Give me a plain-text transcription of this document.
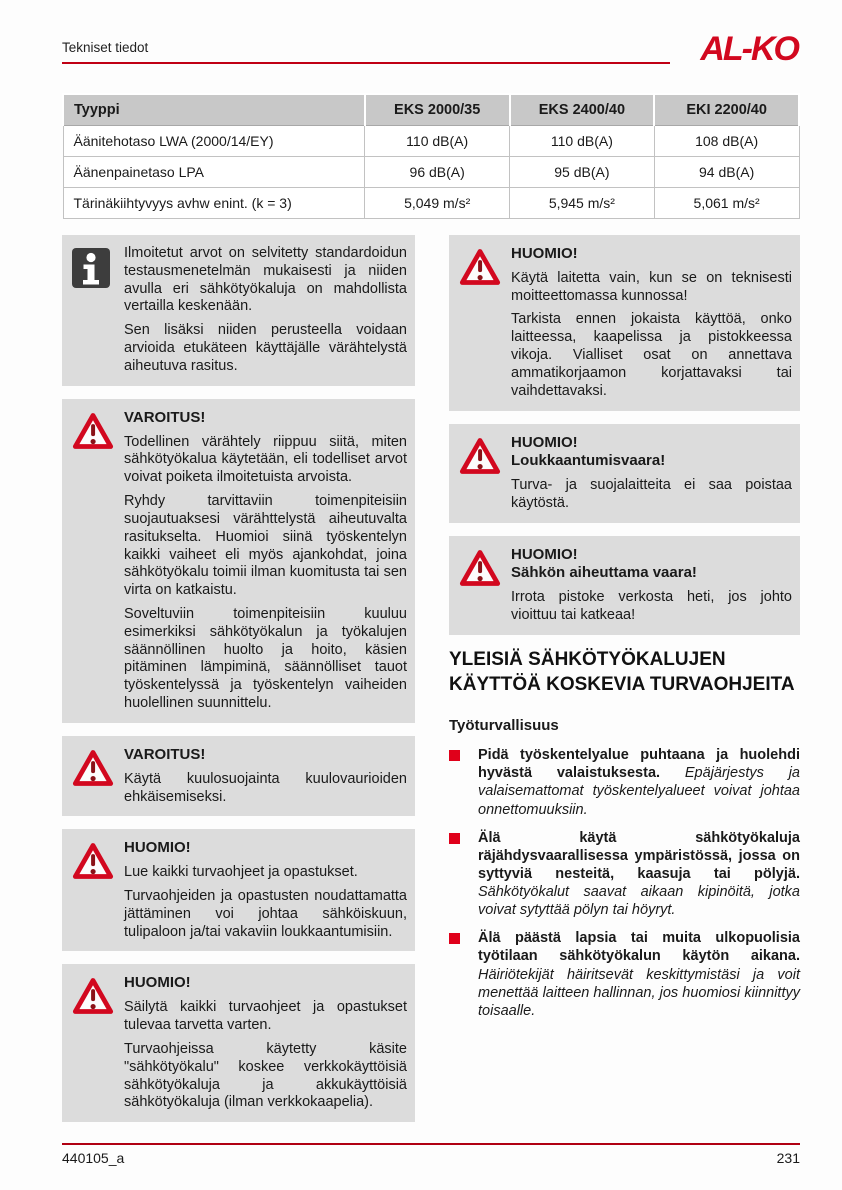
Tekniset tiedot	AL-KO
Tyyppi	EKS 2000/35	EKS 2400/40	EKI 2200/40
Äänitehotaso LWA (2000/14/EY)	110 dB(A)	110 dB(A)	108 dB(A)
Äänenpainetaso LPA	96 dB(A)	95 dB(A)	94 dB(A)
Tärinäkiihtyvyys avhw enint. (k = 3)	5,049 m/s²	5,945 m/s²	5,061 m/s²
Ilmoitetut arvot on selvitetty standardoidun testausmenetelmän mukaisesti ja niiden avulla eri sähkötyökaluja on mahdollista vertailla keskenään.
Sen lisäksi niiden perusteella voidaan arvioida etukäteen käyttäjälle värähtelystä aiheutuva rasitus.
VAROITUS!
Todellinen värähtely riippuu siitä, miten sähkötyökalua käytetään, eli todelliset arvot voivat poiketa ilmoitetuista arvoista.
Ryhdy tarvittaviin toimenpiteisiin suojautuaksesi värähttelystä aiheutuvalta rasitukselta. Huomioi siinä työskentelyn kaikki vaiheet eli myös ajankohdat, joina sähkötyökalu toimii ilman kuomitusta tai sen virta on katkaistu.
Soveltuviin toimenpiteisiin kuuluu esimerkiksi sähkötyökalun ja työkalujen säännöllinen huolto ja hoito, käsien pitäminen lämpiminä, säännölliset tauot työskentelyssä ja työskentelyn vaiheiden huolellinen suunnittelu.
VAROITUS!
Käytä kuulosuojainta kuulovaurioiden ehkäisemiseksi.
HUOMIO!
Lue kaikki turvaohjeet ja opastukset.
Turvaohjeiden ja opastusten noudattamatta jättäminen voi johtaa sähköiskuun, tulipaloon ja/tai vakaviin loukkaantumisiin.
HUOMIO!
Säilytä kaikki turvaohjeet ja opastukset tulevaa tarvetta varten.
Turvaohjeissa käytetty käsite "sähkötyökalu" koskee verkkokäyttöisiä sähkötyökaluja ja akkukäyttöisiä sähkötyökaluja (ilman verkkokaapelia).
HUOMIO!
Käytä laitetta vain, kun se on teknisesti moitteettomassa kunnossa!
Tarkista ennen jokaista käyttöä, onko laitteessa, kaapelissa ja pistokkeessa vikoja. Vialliset osat on annettava ammatikorjaamon korjattavaksi tai vaihdettavaksi.
HUOMIO!
Loukkaantumisvaara!
Turva- ja suojalaitteita ei saa poistaa käytöstä.
HUOMIO!
Sähkön aiheuttama vaara!
Irrota pistoke verkosta heti, jos johto vioittuu tai katkeaa!
YLEISIÄ SÄHKÖTYÖKALUJEN KÄYTTÖÄ KOSKEVIA TURVAOHJEITA
Työturvallisuus
Pidä työskentelyalue puhtaana ja huolehdi hyvästä valaistuksesta. Epäjärjestys ja valaisemattomat työskentelyalueet voivat johtaa onnettomuuksiin.
Älä käytä sähkötyökaluja räjähdysvaarallisessa ympäristössä, jossa on syttyviä nesteitä, kaasuja tai pölyjä. Sähkötyökalut saavat aikaan kipinöitä, jotka voivat sytyttää pölyn tai höyryt.
Älä päästä lapsia tai muita ulkopuolisia työtilaan sähkötyökalun käytön aikana. Häiriötekijät häiritsevät keskittymistäsi ja voit menettää laitteen hallinnan, jos huomiosi kiinnittyy toisaalle.
440105_a	231
